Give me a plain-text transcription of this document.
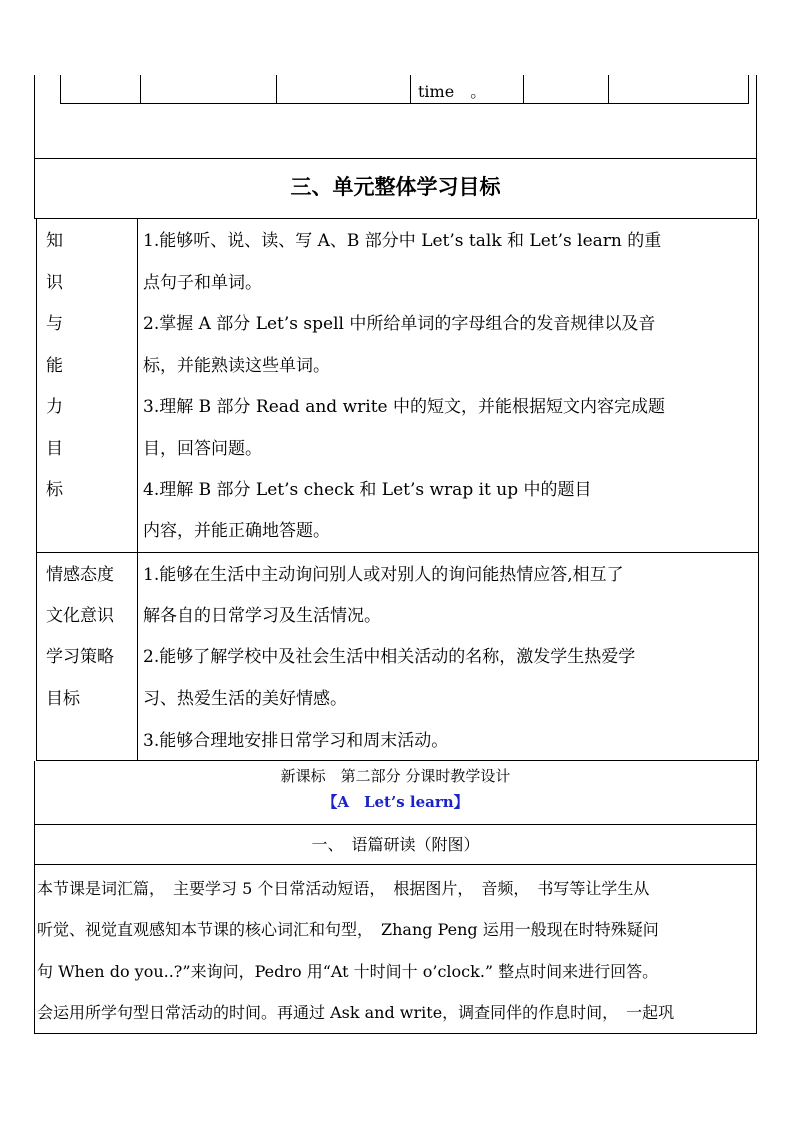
time　。
三、单元整体学习目标
知
识
与
能
力
目
标
1.能够听、说、读、写 A、B 部分中 Let’s talk 和 Let’s learn 的重
点句子和单词。
2.掌握 A 部分 Let’s spell 中所给单词的字母组合的发音规律以及音
标，并能熟读这些单词。
3.理解 B 部分 Read and write 中的短文，并能根据短文内容完成题
目，回答问题。
4.理解 B 部分 Let’s check 和 Let’s wrap it up 中的题目
内容，并能正确地答题。
情感态度
文化意识
学习策略
目标
1.能够在生活中主动询问别人或对别人的询问能热情应答,相互了
解各自的日常学习及生活情况。
2.能够了解学校中及社会生活中相关活动的名称，激发学生热爱学
习、热爱生活的美好情感。
3.能够合理地安排日常学习和周末活动。
新课标　第二部分 分课时教学设计
【A　Let’s learn】
一、　语篇研读（附图）
本节课是词汇篇，　主要学习 5 个日常活动短语，　根据图片，　音频，　书写等让学生从
听觉、视觉直观感知本节课的核心词汇和句型，　Zhang Peng 运用一般现在时特殊疑问
句 When do you..?”来询问，Pedro 用“At 十时间十 o’clock.” 整点时间来进行回答。
会运用所学句型日常活动的时间。再通过 Ask and write，调查同伴的作息时间，　一起巩
